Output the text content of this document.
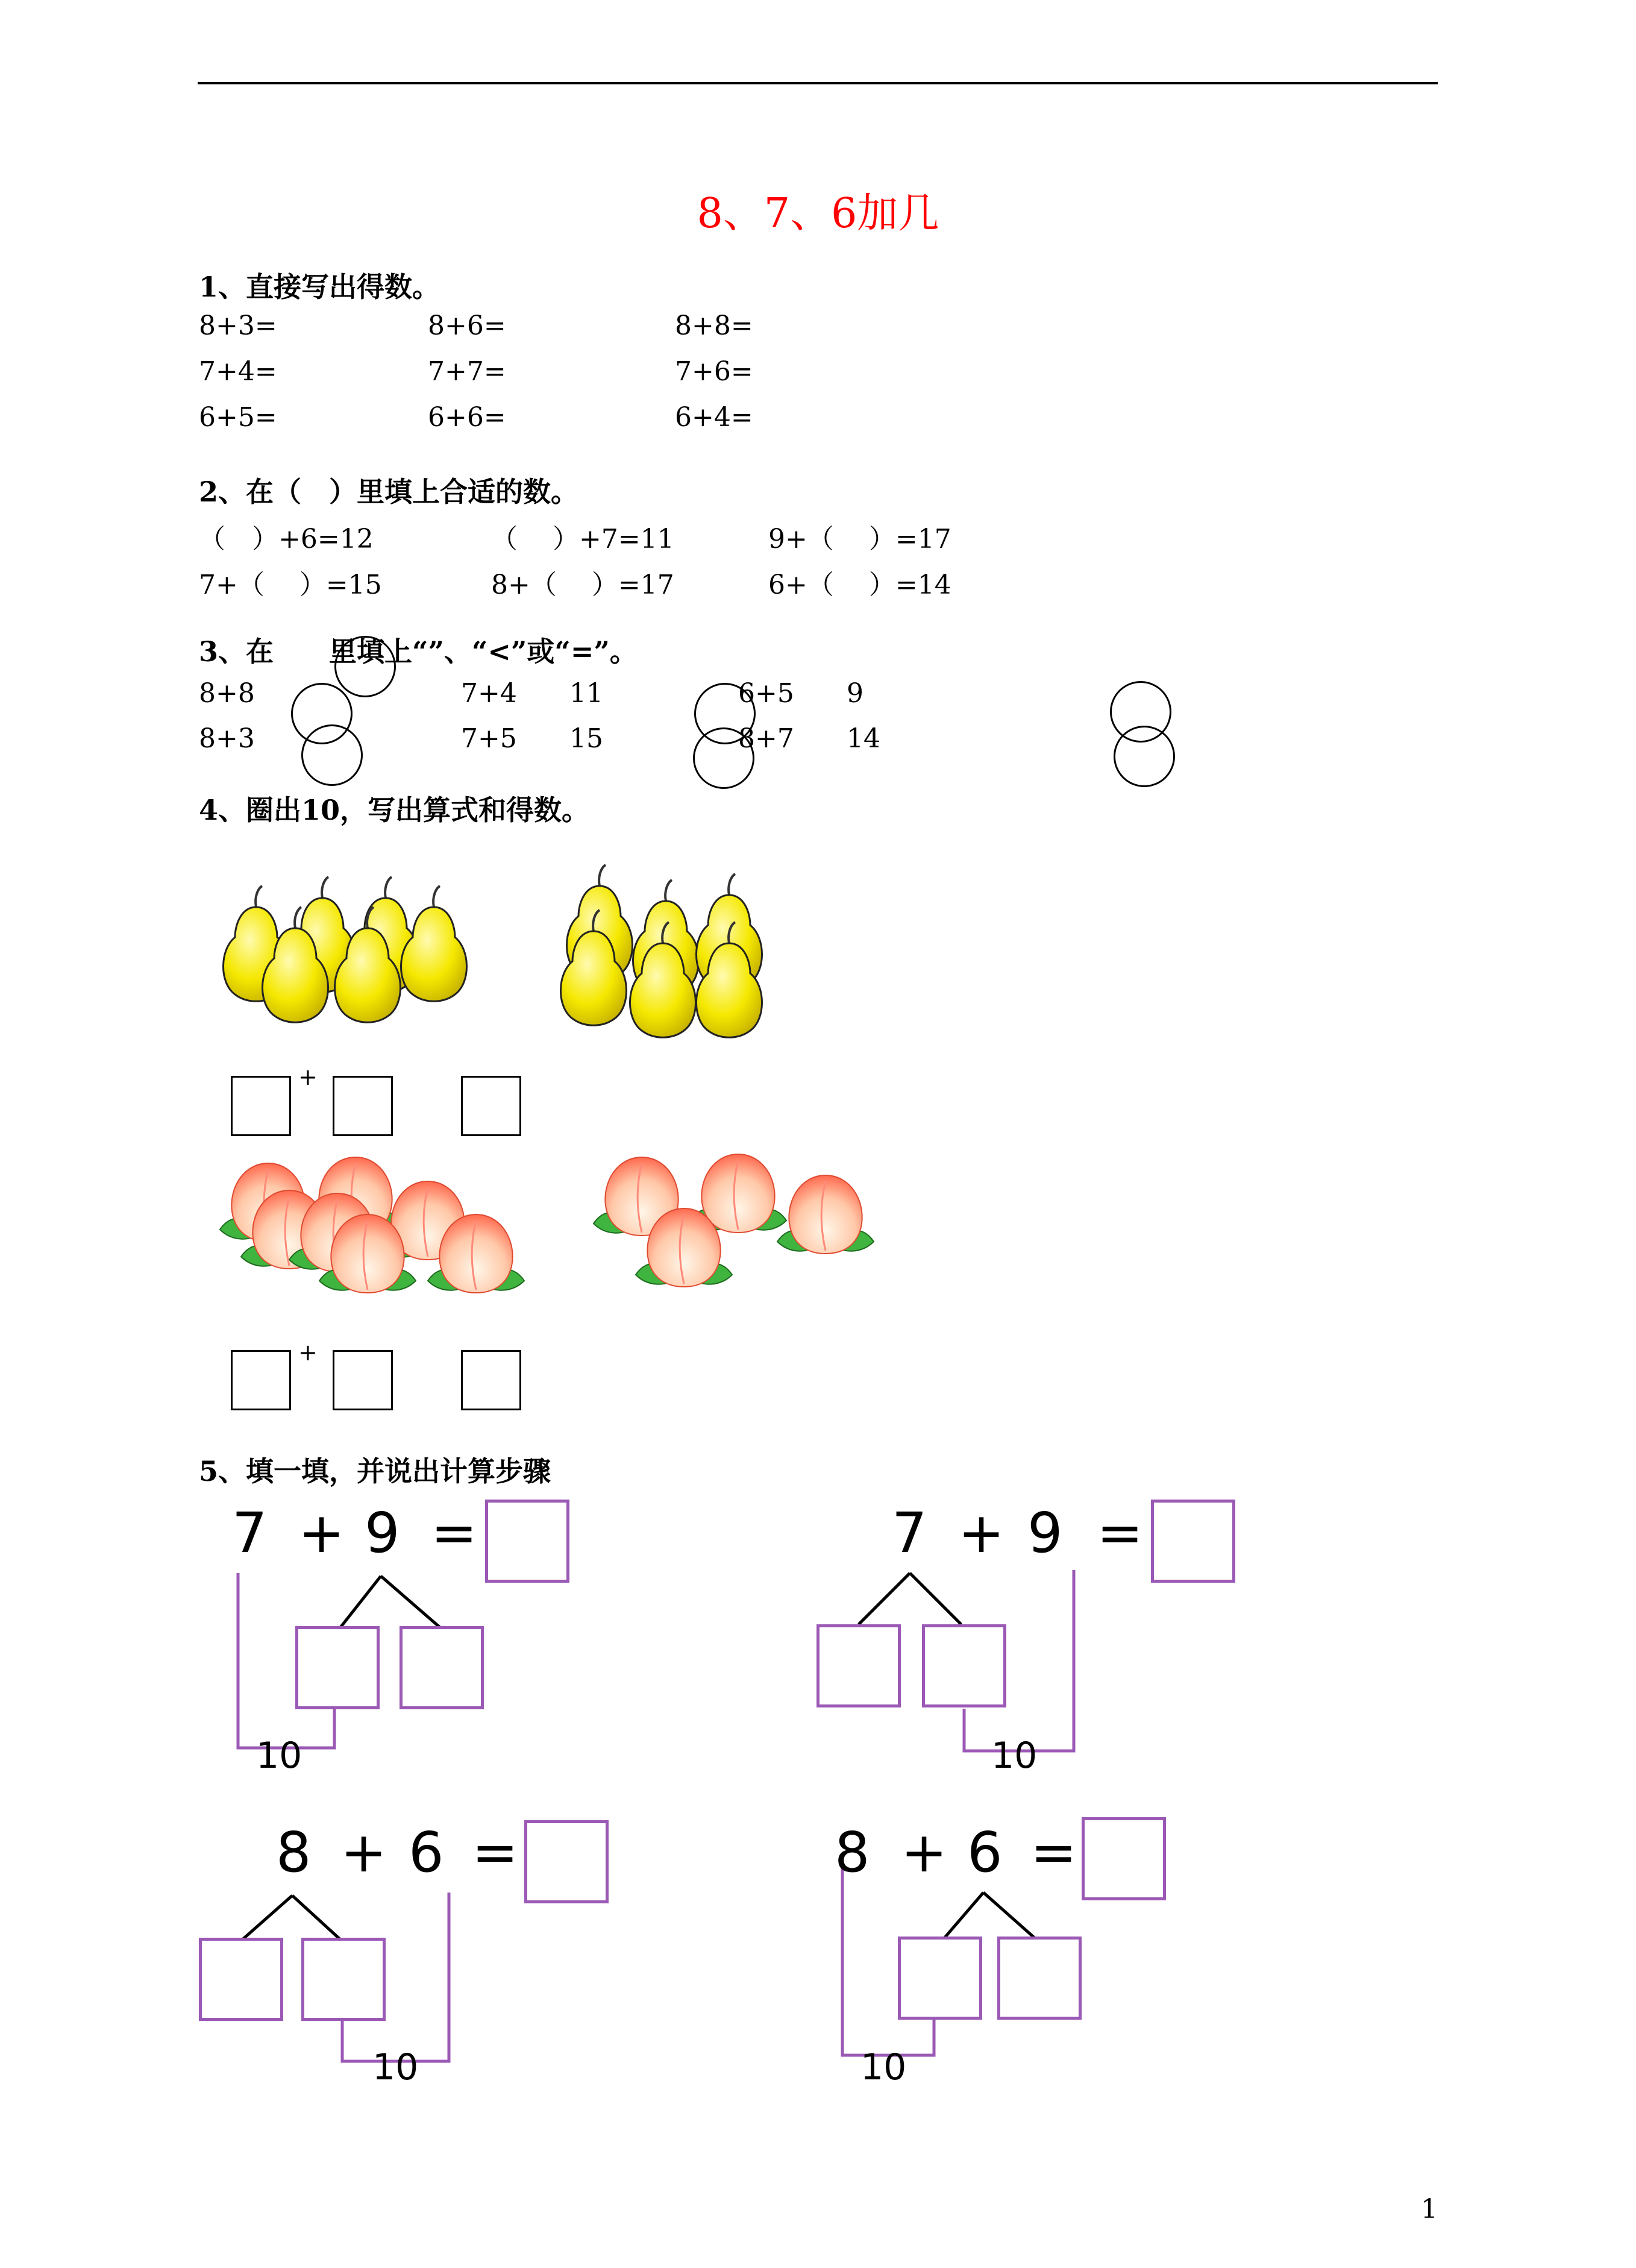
8、7、6加几
1、直接写出得数。
8+3=	8+6=	8+8=
7+4=	7+7=	7+6=
6+5=	6+6=	6+4=
2、在（　）里填上合适的数。
（　）+6=12	（　 ）+7=11	9+（　 ）=17
7+（　 ）=15	8+（　 ）=17	6+（　 ）=14
3、在　　里填上“”、“<”或“=”。
8+8	7+4 11	6+5 9
8+3	7+5 15	8+7 14
4、圈出10，写出算式和得数。
+
+
5、填一填，并说出计算步骤
7 + 9 =
10
7 + 9 =
10
8 + 6 =
10
8 + 6 =
10
1
